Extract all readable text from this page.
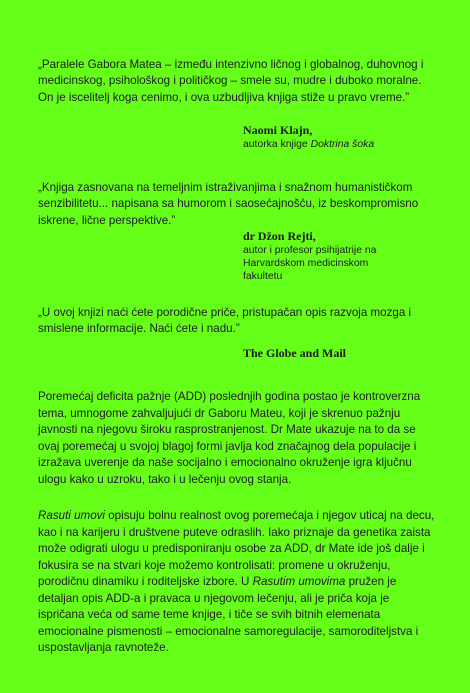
„Paralele Gabora Matea – između intenzivno ličnog i globalnog, duhovnog i medicinskog, psihološkog i političkog – smele su, mudre i duboko moralne. On je iscelitelj koga cenimo, i ova uzbudljiva knjiga stiže u pravo vreme.”

Naomi Klajn,
autorka knjige Doktrina šoka

„Knjiga zasnovana na temeljnim istraživanjima i snažnom humanističkom senzibilitetu... napisana sa humorom i saosećajnošću, iz beskompromisno iskrene, lične perspektive.”

dr Džon Rejti,
autor i profesor psihijatrije na Harvardskom medicinskom fakultetu

„U ovoj knjizi naći ćete porodične priče, pristupačan opis razvoja mozga i smislene informacije. Naći ćete i nadu.”

The Globe and Mail

Poremećaj deficita pažnje (ADD) poslednjih godina postao je kontroverzna tema, umnogome zahvaljujući dr Gaboru Mateu, koji je skrenuo pažnju javnosti na njegovu široku rasprostranjenost. Dr Mate ukazuje na to da se ovaj poremećaj u svojoj blagoj formi javlja kod značajnog dela populacije i izražava uverenje da naše socijalno i emocionalno okruženje igra ključnu ulogu kako u uzroku, tako i u lečenju ovog stanja.

Rasuti umovi opisuju bolnu realnost ovog poremećaja i njegov uticaj na decu, kao i na karijeru i društvene puteve odraslih. Iako priznaje da genetika zaista može odigrati ulogu u predisponiranju osobe za ADD, dr Mate ide još dalje i fokusira se na stvari koje možemo kontrolisati: promene u okruženju, porodičnu dinamiku i roditeljske izbore. U Rasutim umovima pružen je detaljan opis ADD-a i pravaca u njegovom lečenju, ali je priča koja je ispričana veća od same teme knjige, i tiče se svih bitnih elemenata emocionalne pismenosti – emocionalne samoregulacije, samoroditeljstva i uspostavljanja ravnoteže.
